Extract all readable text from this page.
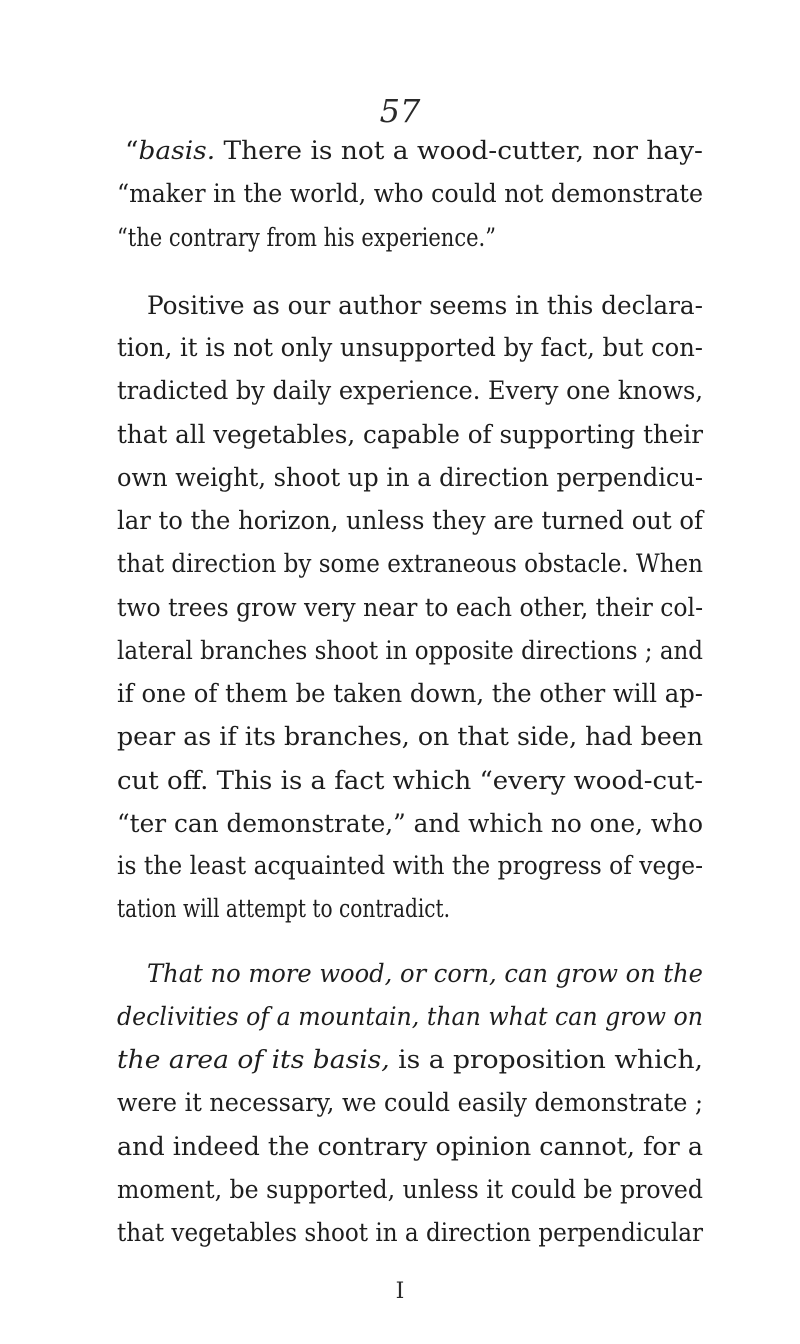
57
“basis. There is not a wood-cutter, nor hay-
“maker in the world, who could not demonstrate
“the contrary from his experience.”
Positive as our author seems in this declara-
tion, it is not only unsupported by fact, but con-
tradicted by daily experience. Every one knows,
that all vegetables, capable of supporting their
own weight, shoot up in a direction perpendicu-
lar to the horizon, unless they are turned out of
that direction by some extraneous obstacle. When
two trees grow very near to each other, their col-
lateral branches shoot in opposite directions ; and
if one of them be taken down, the other will ap-
pear as if its branches, on that side, had been
cut off. This is a fact which “every wood-cut-
“ter can demonstrate,” and which no one, who
is the least acquainted with the progress of vege-
tation will attempt to contradict.
That no more wood, or corn, can grow on the
declivities of a mountain, than what can grow on
the area of its basis, is a proposition which,
were it necessary, we could easily demonstrate ;
and indeed the contrary opinion cannot, for a
moment, be supported, unless it could be proved
that vegetables shoot in a direction perpendicular
I
